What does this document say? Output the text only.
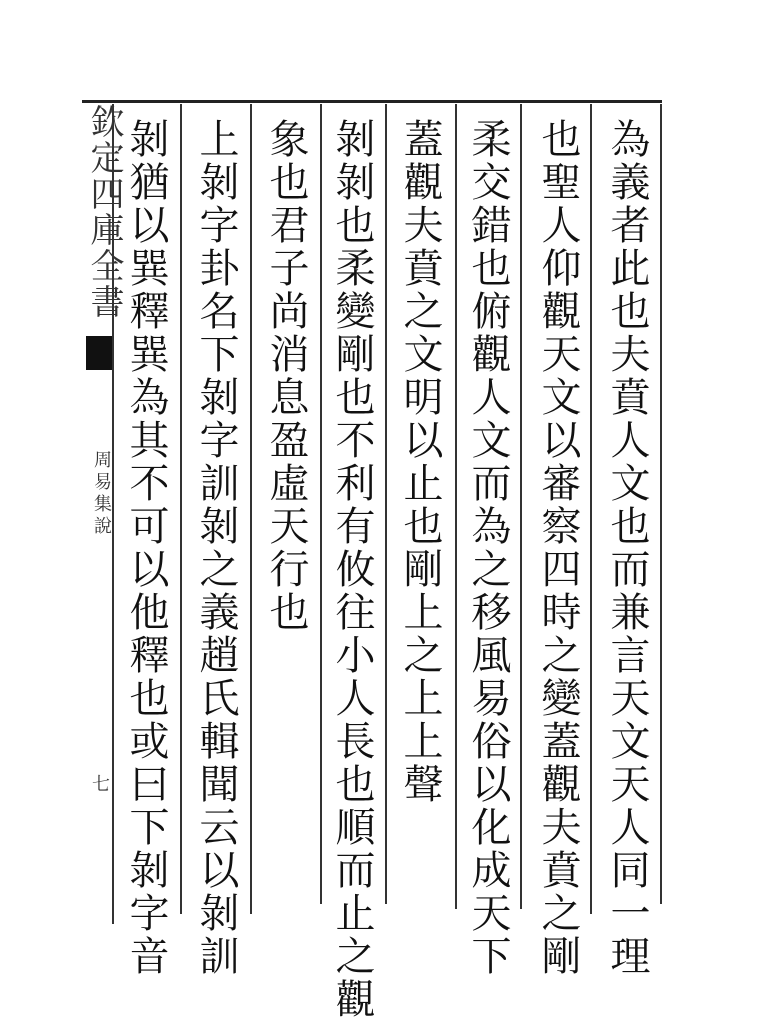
欽定四庫全書
周易集說
七	為義者此也夫賁人文也而兼言天文天人同一理
也聖人仰觀天文以審察四時之變蓋觀夫賁之剛
柔交錯也俯觀人文而為之移風易俗以化成天下
蓋觀夫賁之文明以止也剛上之上上聲
剝剝也柔變剛也不利有攸往小人長也順而止之觀
象也君子尚消息盈虛天行也
上剝字卦名下剝字訓剝之義趙氏輯聞云以剝訓
剝猶以巽釋巽為其不可以他釋也或曰下剝字音
